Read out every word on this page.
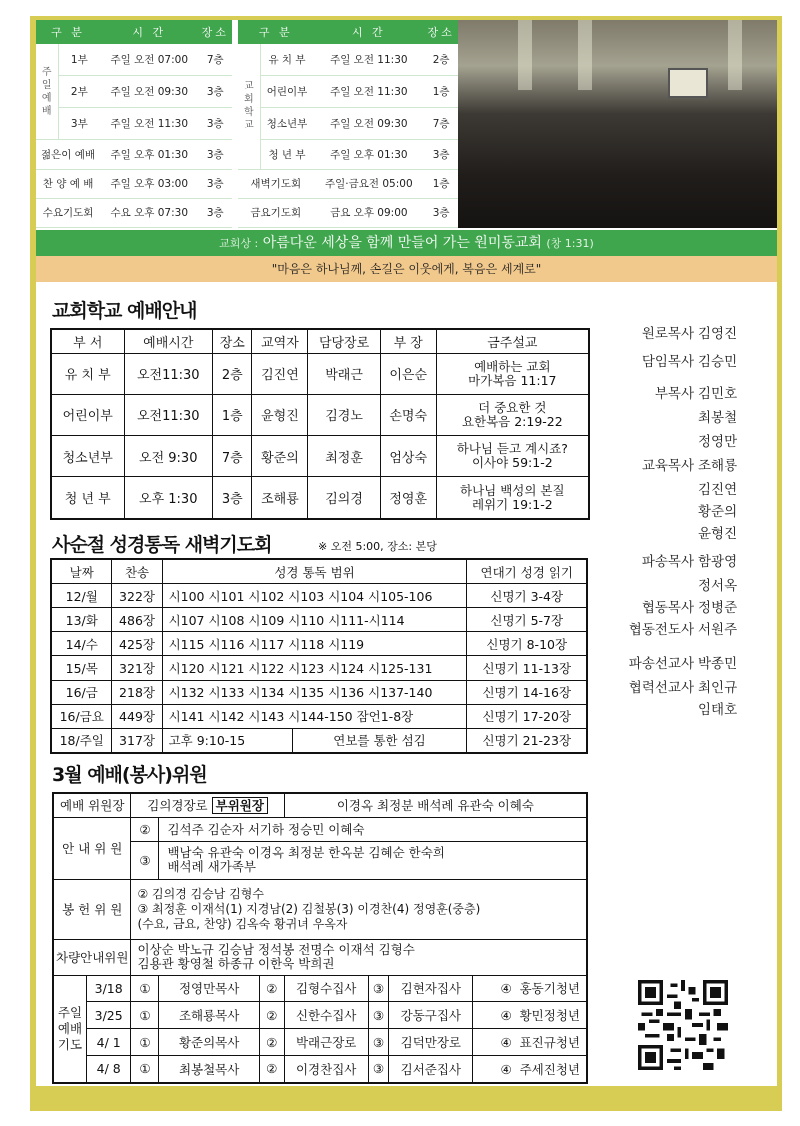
구 분		시 간	장소		구 분		시 간	장소
주일예배	1부	주일 오전 07:00	7층		교회학교	유 치 부	주일 오전 11:30	2층
	2부	주일 오전 09:30	3층			어린이부	주일 오전 11:30	1층
	3부	주일 오전 11:30	3층			청소년부	주일 오전 09:30	7층
젊은이 예배		주일 오후 01:30	3층			청 년 부	주일 오후 01:30	3층
찬 양 예 배		주일 오후 03:00	3층		새벽기도회		주일·금요전 05:00	1층
수요기도회		수요 오후 07:30	3층		금요기도회		금요 오후 09:00	3층
교회상 : 아름다운 세상을 함께 만들어 가는 원미동교회 (창 1:31)
"마음은 하나님께, 손길은 이웃에게, 복음은 세계로"
교회학교 예배안내
부 서	예배시간	장소	교역자	담당장로	부 장	금주설교
유 치 부	오전11:30	2층	김진연	박래근	이은순	예배하는 교회
마가복음 11:17

어린이부	오전11:30	1층	윤형진	김경노	손명숙	더 중요한 것
요한복음 2:19-22

청소년부	오전 9:30	7층	황준의	최정훈	엄상숙	하나님 듣고 계시죠?
이사야 59:1-2

청 년 부	오후 1:30	3층	조해룡	김의경	정영훈	하나님 백성의 본질
레위기 19:1-2
사순절 성경통독 새벽기도회	※ 오전 5:00, 장소: 본당
날짜	찬송	성경 통독 범위		연대기 성경 읽기
12/월	322장	시100 시101 시102 시103 시104 시105-106		신명기 3-4장
13/화	486장	시107 시108 시109 시110 시111-시114		신명기 5-7장
14/수	425장	시115 시116 시117 시118 시119		신명기 8-10장
15/목	321장	시120 시121 시122 시123 시124 시125-131		신명기 11-13장
16/금	218장	시132 시133 시134 시135 시136 시137-140		신명기 14-16장
16/금요	449장	시141 시142 시143 시144-150 잠언1-8장		신명기 17-20장
18/주일	317장	고후 9:10-15	연보를 통한 섬김	신명기 21-23장
3월 예배(봉사)위원
예배 위원장		김의경장로 부위원장			이경옥 최정분 배석례 유관숙 이혜숙			
안 내 위 원		②	김석주 김순자 서기하 정승민 이혜숙					
		③	백남숙 유관숙 이경옥 최정분 한옥분 김혜순 한숙희
배석례 새가족부					

봉 헌 위 원		② 김의경 김승남 김형수
③ 최정훈 이재석(1) 지경남(2) 김철봉(3) 이경찬(4) 정영훈(중층)
(수요, 금요, 찬양) 김옥숙 황귀녀 우옥자						

차량안내위원		이상순 박노규 김승남 정석봉 전명수 이재석 김형수
김용관 황영철 하종규 이한욱 박희권						

주일예배기도	3/18	①	정영만목사	②	김형수집사	③	김현자집사	④ 홍동기청년
	3/25	①	조해룡목사	②	신한수집사	③	강동구집사	④ 황민정청년
	4/ 1	①	황준의목사	②	박래근장로	③	김덕만장로	④ 표진규청년
	4/ 8	①	최봉철목사	②	이경찬집사	③	김서준집사	④ 주세진청년
원로목사 김영진
담임목사 김승민
부목사 김민호
최봉철
정영만
교육목사 조해룡
김진연
황준의
윤형진
파송목사 함광영
정서옥
협동목사 정병준
협동전도사 서원주
파송선교사 박종민
협력선교사 최인규
임태호
